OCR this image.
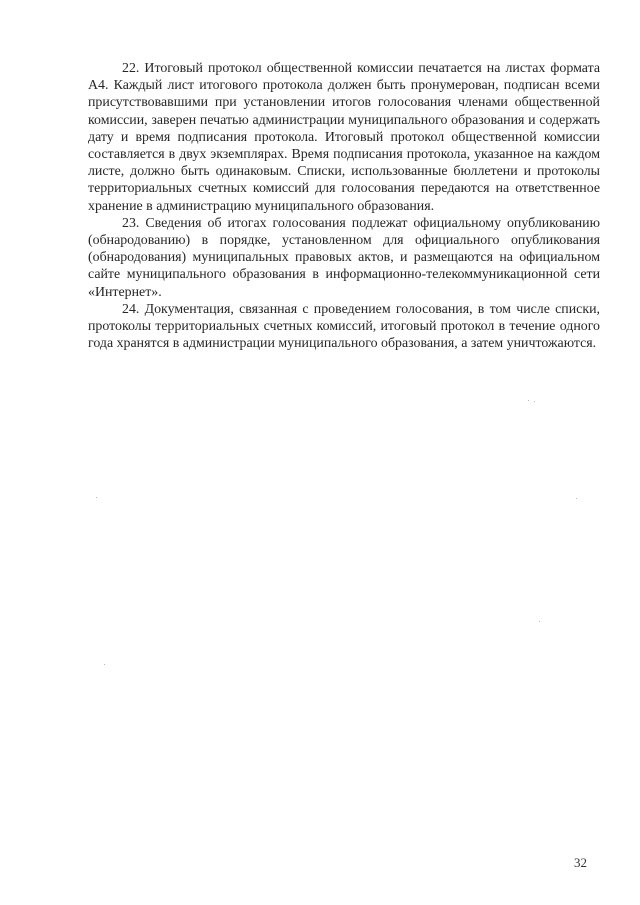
22. Итоговый протокол общественной комиссии печатается на листах формата А4. Каждый лист итогового протокола должен быть пронумерован, подписан всеми присутствовавшими при установлении итогов голосования членами общественной комиссии, заверен печатью администрации муниципального образования и содержать дату и время подписания протокола. Итоговый протокол общественной комиссии составляется в двух экземплярах. Время подписания протокола, указанное на каждом листе, должно быть одинаковым. Списки, использованные бюллетени и протоколы территориальных счетных комиссий для голосования передаются на ответственное хранение в администрацию муниципального образования.

23. Сведения об итогах голосования подлежат официальному опубликованию (обнародованию) в порядке, установленном для официального опубликования (обнародования) муниципальных правовых актов, и размещаются на официальном сайте муниципального образования в информационно-телекоммуникационной сети «Интернет».

24. Документация, связанная с проведением голосования, в том числе списки, протоколы территориальных счетных комиссий, итоговый протокол в течение одного года хранятся в администрации муниципального образования, а затем уничтожаются.

32
